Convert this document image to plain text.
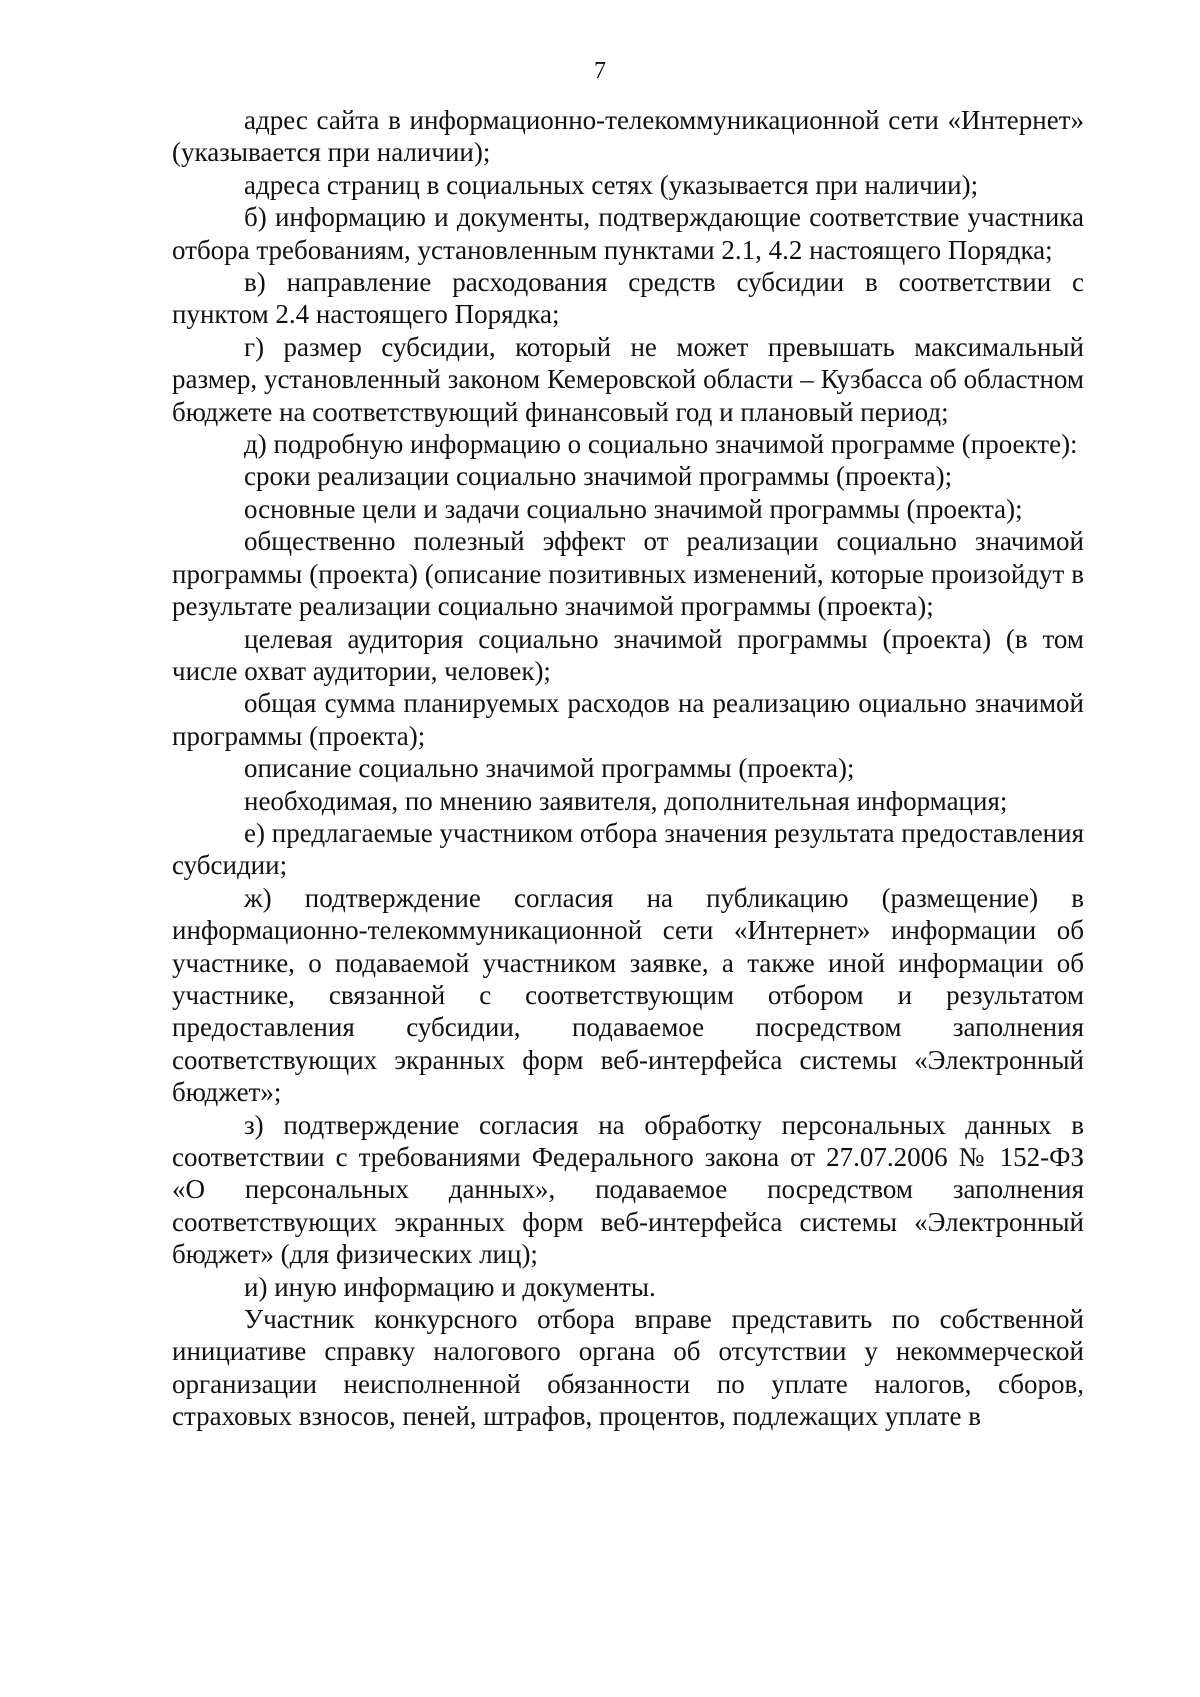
7

адрес сайта в информационно-телекоммуникационной сети «Интернет» (указывается при наличии);

адреса страниц в социальных сетях (указывается при наличии);

б) информацию и документы, подтверждающие соответствие участника отбора требованиям, установленным пунктами 2.1, 4.2 настоящего Порядка;

в) направление расходования средств субсидии в соответствии с пунктом 2.4 настоящего Порядка;

г) размер субсидии, который не может превышать максимальный размер, установленный законом Кемеровской области – Кузбасса об областном бюджете на соответствующий финансовый год и плановый период;

д) подробную информацию о социально значимой программе (проекте):

сроки реализации социально значимой программы (проекта);

основные цели и задачи социально значимой программы (проекта);

общественно полезный эффект от реализации социально значимой программы (проекта) (описание позитивных изменений, которые произойдут в результате реализации социально значимой программы (проекта);

целевая аудитория социально значимой программы (проекта) (в том числе охват аудитории, человек);

общая сумма планируемых расходов на реализацию оциально значимой программы (проекта);

описание социально значимой программы (проекта);

необходимая, по мнению заявителя, дополнительная информация;

е) предлагаемые участником отбора значения результата предоставления субсидии;

ж) подтверждение согласия на публикацию (размещение) в информационно-телекоммуникационной сети «Интернет» информации об участнике, о подаваемой участником заявке, а также иной информации об участнике, связанной с соответствующим отбором и результатом предоставления субсидии, подаваемое посредством заполнения соответствующих экранных форм веб-интерфейса системы «Электронный бюджет»;

з) подтверждение согласия на обработку персональных данных в соответствии с требованиями Федерального закона от 27.07.2006 № 152-ФЗ «О персональных данных», подаваемое посредством заполнения соответствующих экранных форм веб-интерфейса системы «Электронный бюджет» (для физических лиц);

и) иную информацию и документы.

Участник конкурсного отбора вправе представить по собственной инициативе справку налогового органа об отсутствии у некоммерческой организации неисполненной обязанности по уплате налогов, сборов, страховых взносов, пеней, штрафов, процентов, подлежащих уплате в
